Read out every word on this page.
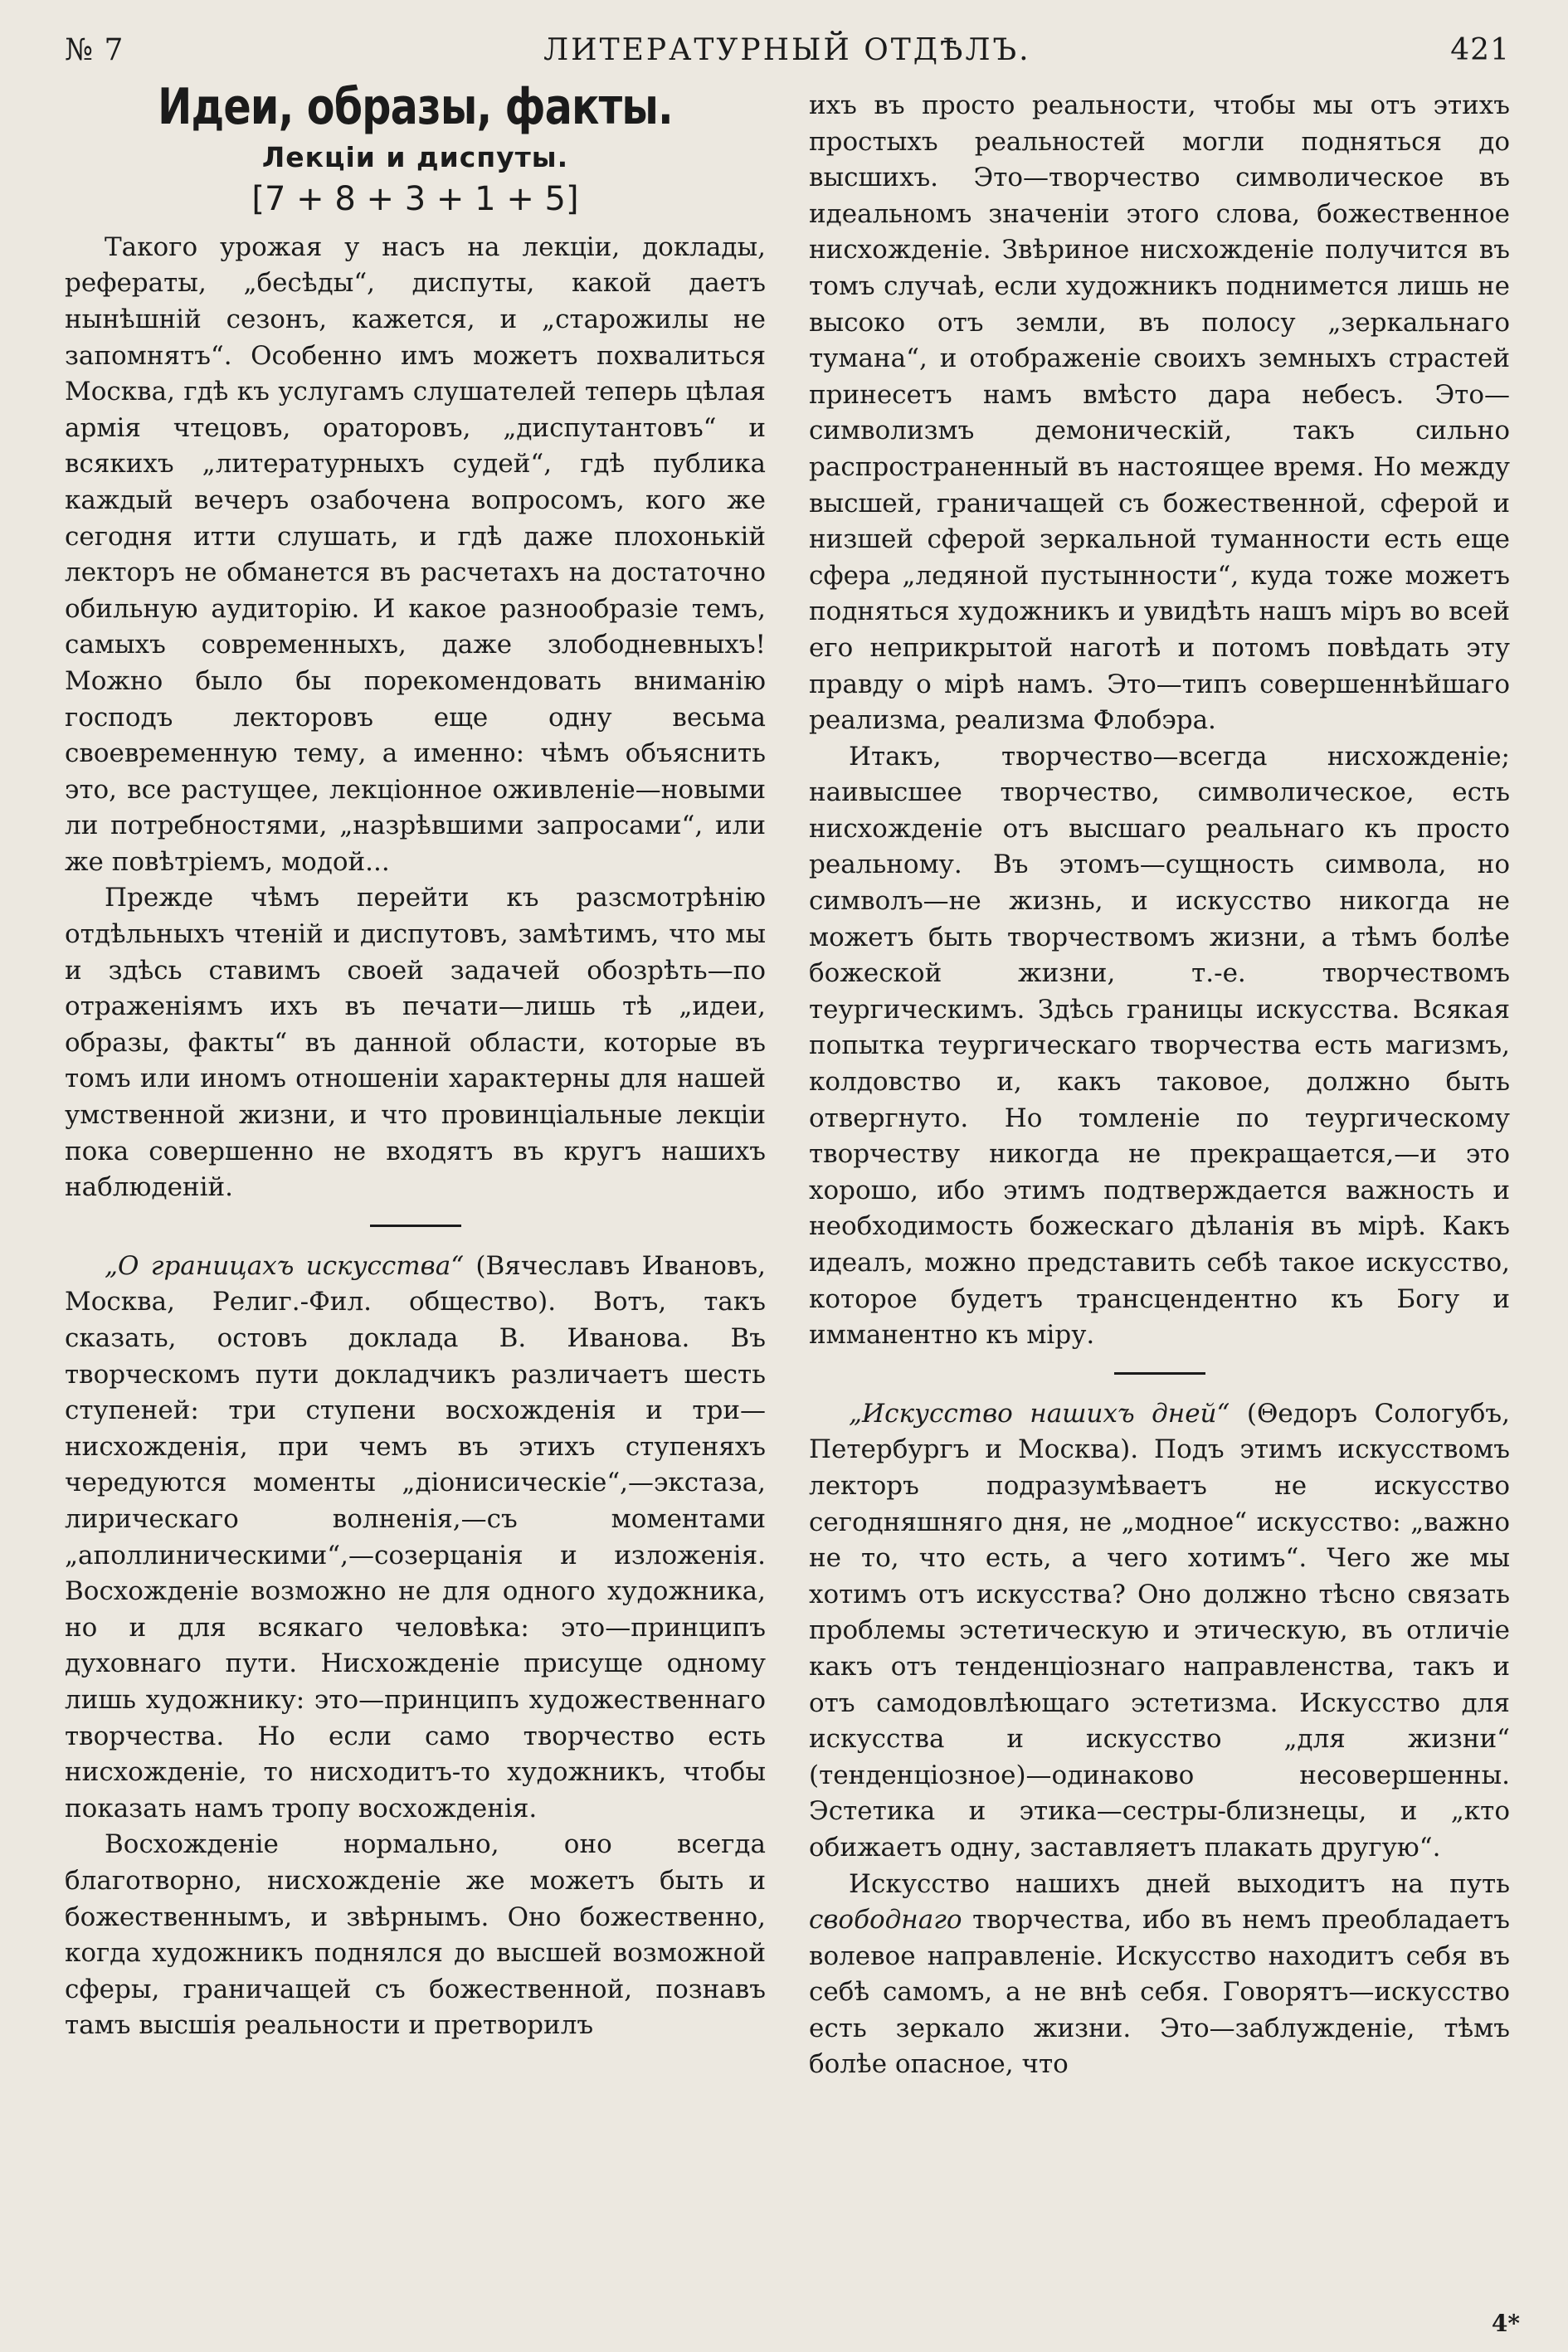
№ 7	ЛИТЕРАТУРНЫЙ ОТДѢЛЪ.	421
Идеи, образы, факты.
Лекціи и диспуты.
[7 + 8 + 3 + 1 + 5]

Такого урожая у насъ на лекціи, доклады, рефераты, „бесѣды“, диспуты, какой даетъ нынѣшній сезонъ, кажется, и „старожилы не запомнятъ“. Особенно имъ можетъ похвалиться Москва, гдѣ къ услугамъ слушателей теперь цѣлая армія чтецовъ, ораторовъ, „диспутантовъ“ и всякихъ „литературныхъ судей“, гдѣ публика каждый вечеръ озабочена вопросомъ, кого же сегодня итти слушать, и гдѣ даже плохонькій лекторъ не обманется въ расчетахъ на достаточно обильную аудиторію. И какое разнообразіе темъ, самыхъ современныхъ, даже злободневныхъ! Можно было бы порекомендовать вниманію господъ лекторовъ еще одну весьма своевременную тему, а именно: чѣмъ объяснить это, все растущее, лекціонное оживленіе—новыми ли потребностями, „назрѣвшими запросами“, или же повѣтріемъ, модой...

Прежде чѣмъ перейти къ разсмотрѣнію отдѣльныхъ чтеній и диспутовъ, замѣтимъ, что мы и здѣсь ставимъ своей задачей обозрѣть—по отраженіямъ ихъ въ печати—лишь тѣ „идеи, образы, факты“ въ данной области, которые въ томъ или иномъ отношеніи характерны для нашей умственной жизни, и что провинціальные лекціи пока совершенно не входятъ въ кругъ нашихъ наблюденій.

„О границахъ искусства“ (Вячеславъ Ивановъ, Москва, Религ.-Фил. общество). Вотъ, такъ сказать, остовъ доклада В. Иванова. Въ творческомъ пути докладчикъ различаетъ шесть ступеней: три ступени восхожденія и три—нисхожденія, при чемъ въ этихъ ступеняхъ чередуются моменты „діонисическіе“,—экстаза, лирическаго волненія,—съ моментами „аполлиническими“,—созерцанія и изложенія. Восхожденіе возможно не для одного художника, но и для всякаго человѣка: это—принципъ духовнаго пути. Нисхожденіе присуще одному лишь художнику: это—принципъ художественнаго творчества. Но если само творчество есть нисхожденіе, то нисходитъ-то художникъ, чтобы показать намъ тропу восхожденія.

Восхожденіе нормально, оно всегда благотворно, нисхожденіе же можетъ быть и божественнымъ, и звѣрнымъ. Оно божественно, когда художникъ поднялся до высшей возможной сферы, граничащей съ божественной, познавъ тамъ высшія реальности и претворилъ

ихъ въ просто реальности, чтобы мы отъ этихъ простыхъ реальностей могли подняться до высшихъ. Это—творчество символическое въ идеальномъ значеніи этого слова, божественное нисхожденіе. Звѣриное нисхожденіе получится въ томъ случаѣ, если художникъ поднимется лишь не высоко отъ земли, въ полосу „зеркальнаго тумана“, и отображеніе своихъ земныхъ страстей принесетъ намъ вмѣсто дара небесъ. Это—символизмъ демоническій, такъ сильно распространенный въ настоящее время. Но между высшей, граничащей съ божественной, сферой и низшей сферой зеркальной туманности есть еще сфера „ледяной пустынности“, куда тоже можетъ подняться художникъ и увидѣть нашъ міръ во всей его неприкрытой наготѣ и потомъ повѣдать эту правду о мірѣ намъ. Это—типъ совершеннѣйшаго реализма, реализма Флобэра.

Итакъ, творчество—всегда нисхожденіе; наивысшее творчество, символическое, есть нисхожденіе отъ высшаго реальнаго къ просто реальному. Въ этомъ—сущность символа, но символъ—не жизнь, и искусство никогда не можетъ быть творчествомъ жизни, а тѣмъ болѣе божеской жизни, т.-е. творчествомъ теургическимъ. Здѣсь границы искусства. Всякая попытка теургическаго творчества есть магизмъ, колдовство и, какъ таковое, должно быть отвергнуто. Но томленіе по теургическому творчеству никогда не прекращается,—и это хорошо, ибо этимъ подтверждается важность и необходимость божескаго дѣланія въ мірѣ. Какъ идеалъ, можно представить себѣ такое искусство, которое будетъ трансцендентно къ Богу и имманентно къ міру.

„Искусство нашихъ дней“ (Θедоръ Сологубъ, Петербургъ и Москва). Подъ этимъ искусствомъ лекторъ подразумѣваетъ не искусство сегодняшняго дня, не „модное“ искусство: „важно не то, что есть, а чего хотимъ“. Чего же мы хотимъ отъ искусства? Оно должно тѣсно связать проблемы эстетическую и этическую, въ отличіе какъ отъ тенденціознаго направленства, такъ и отъ самодовлѣющаго эстетизма. Искусство для искусства и искусство „для жизни“ (тенденціозное)—одинаково несовершенны. Эстетика и этика—сестры-близнецы, и „кто обижаетъ одну, заставляетъ плакать другую“.

Искусство нашихъ дней выходитъ на путь свободнаго творчества, ибо въ немъ преобладаетъ волевое направленіе. Искусство находитъ себя въ себѣ самомъ, а не внѣ себя. Говорятъ—искусство есть зеркало жизни. Это—заблужденіе, тѣмъ болѣе опасное, что

4*
